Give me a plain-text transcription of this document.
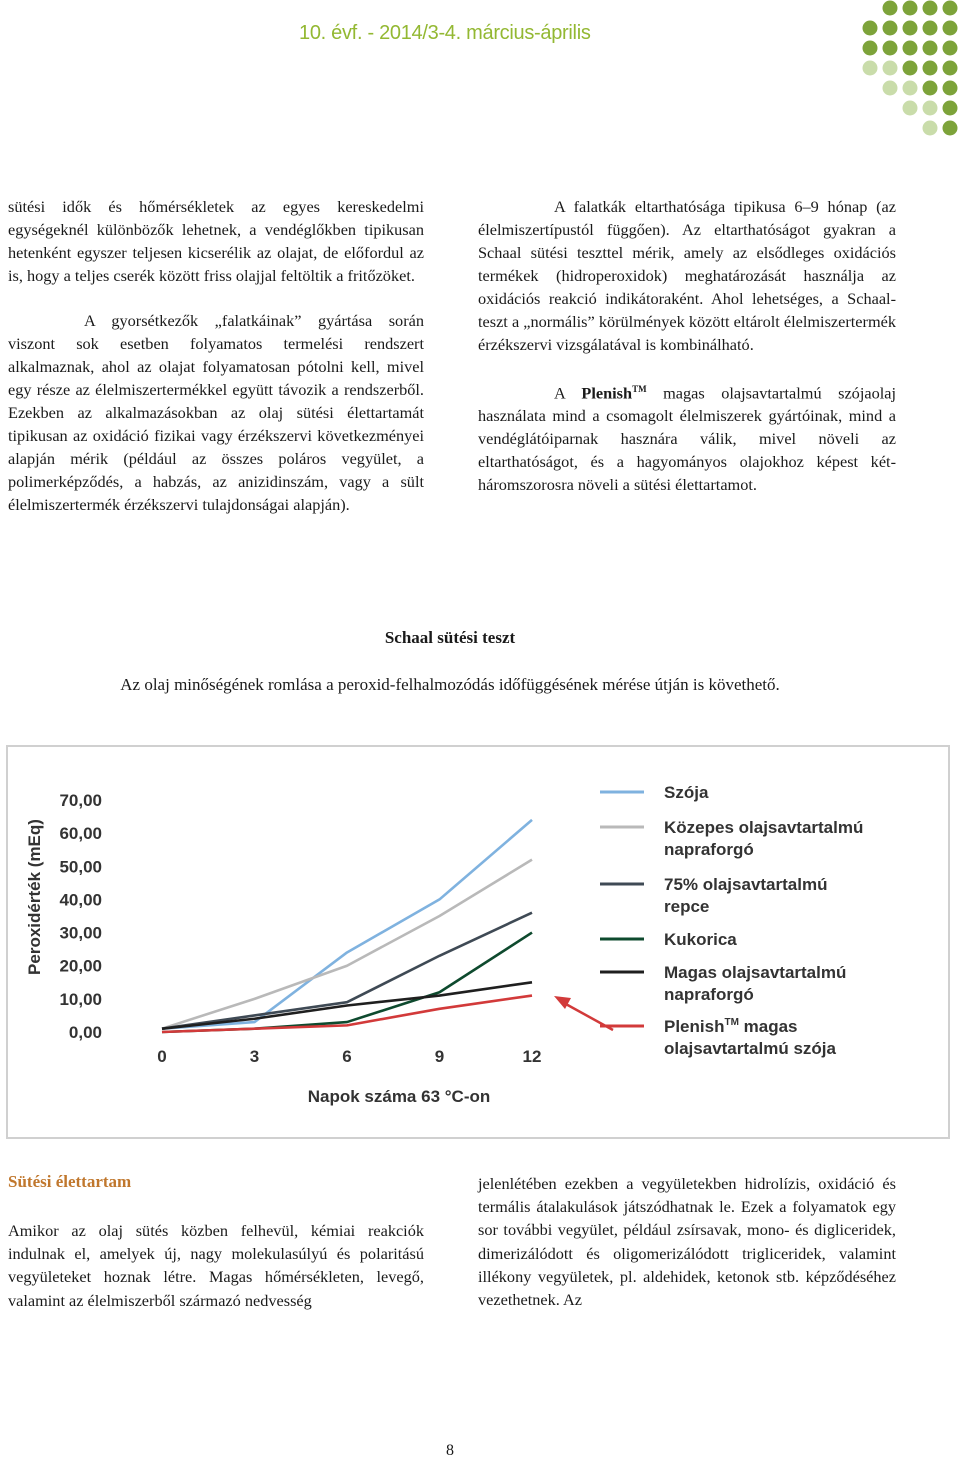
10. évf. - 2014/3-4. március-április

sütési idők és hőmérsékletek az egyes kereskedelmi egységeknél különbözők lehetnek, a vendéglőkben tipikusan hetenként egyszer teljesen kicserélik az olajat, de előfordul az is, hogy a teljes cserék között friss olajjal feltöltik a fritőzöket.

A gyorsétkezők „falatkáinak” gyártása során viszont sok esetben folyamatos termelési rendszert alkalmaznak, ahol az olajat folyamatosan pótolni kell, mivel egy része az élelmiszertermékkel együtt távozik a rendszerből. Ezekben az alkalmazásokban az olaj sütési élettartamát tipikusan az oxidáció fizikai vagy érzékszervi következményei alapján mérik (például az összes poláros vegyület, a polimerképződés, a habzás, az anizidinszám, vagy a sült élelmiszertermék érzékszervi tulajdonságai alapján).

A falatkák eltarthatósága tipikusa 6–9 hónap (az élelmiszertípustól függően). Az eltarthatóságot gyakran a Schaal sütési teszttel mérik, amely az elsődleges oxidációs termékek (hidroperoxidok) meghatározását használja az oxidációs reakció indikátoraként. Ahol lehetséges, a Schaal-teszt a „normális” körülmények között eltárolt élelmiszertermék érzékszervi vizsgálatával is kombinálható.

A Plenish™ magas olajsavtartalmú szójaolaj használata mind a csomagolt élelmiszerek gyártóinak, mind a vendéglátóiparnak hasznára válik, mivel növeli az eltarthatóságot, és a hagyományos olajokhoz képest két-háromszorosra növeli a sütési élettartamot.

Schaal sütési teszt
Az olaj minőségének romlása a peroxid-felhalmozódás időfüggésének mérése útján is követhető.
0,00
10,00
20,00
30,00
40,00
50,00
60,00
70,00
0	3	6	9	12
Szója
Közepes olajsavtartalmú
napraforgó
75% olajsavtartalmú
repce
Kukorica
Magas olajsavtartalmú
napraforgó
Plenish™ magas
olajsavtartalmú szója
Peroxidérték (mEq)
Napok száma 63 °C-on
Sütési élettartam
Amikor az olaj sütés közben felhevül, kémiai reakciók indulnak el, amelyek új, nagy molekulasúlyú és polaritású vegyületeket hoznak létre. Magas hőmérsékleten, levegő, valamint az élelmiszerből származó nedvesség
jelenlétében ezekben a vegyületekben hidrolízis, oxidáció és termális átalakulások játszódhatnak le. Ezek a folyamatok egy sor további vegyület, például zsírsavak, mono- és digliceridek, dimerizálódott és oligomerizálódott trigliceridek, valamint illékony vegyületek, pl. aldehidek, ketonok stb. képződéséhez vezethetnek. Az
8
